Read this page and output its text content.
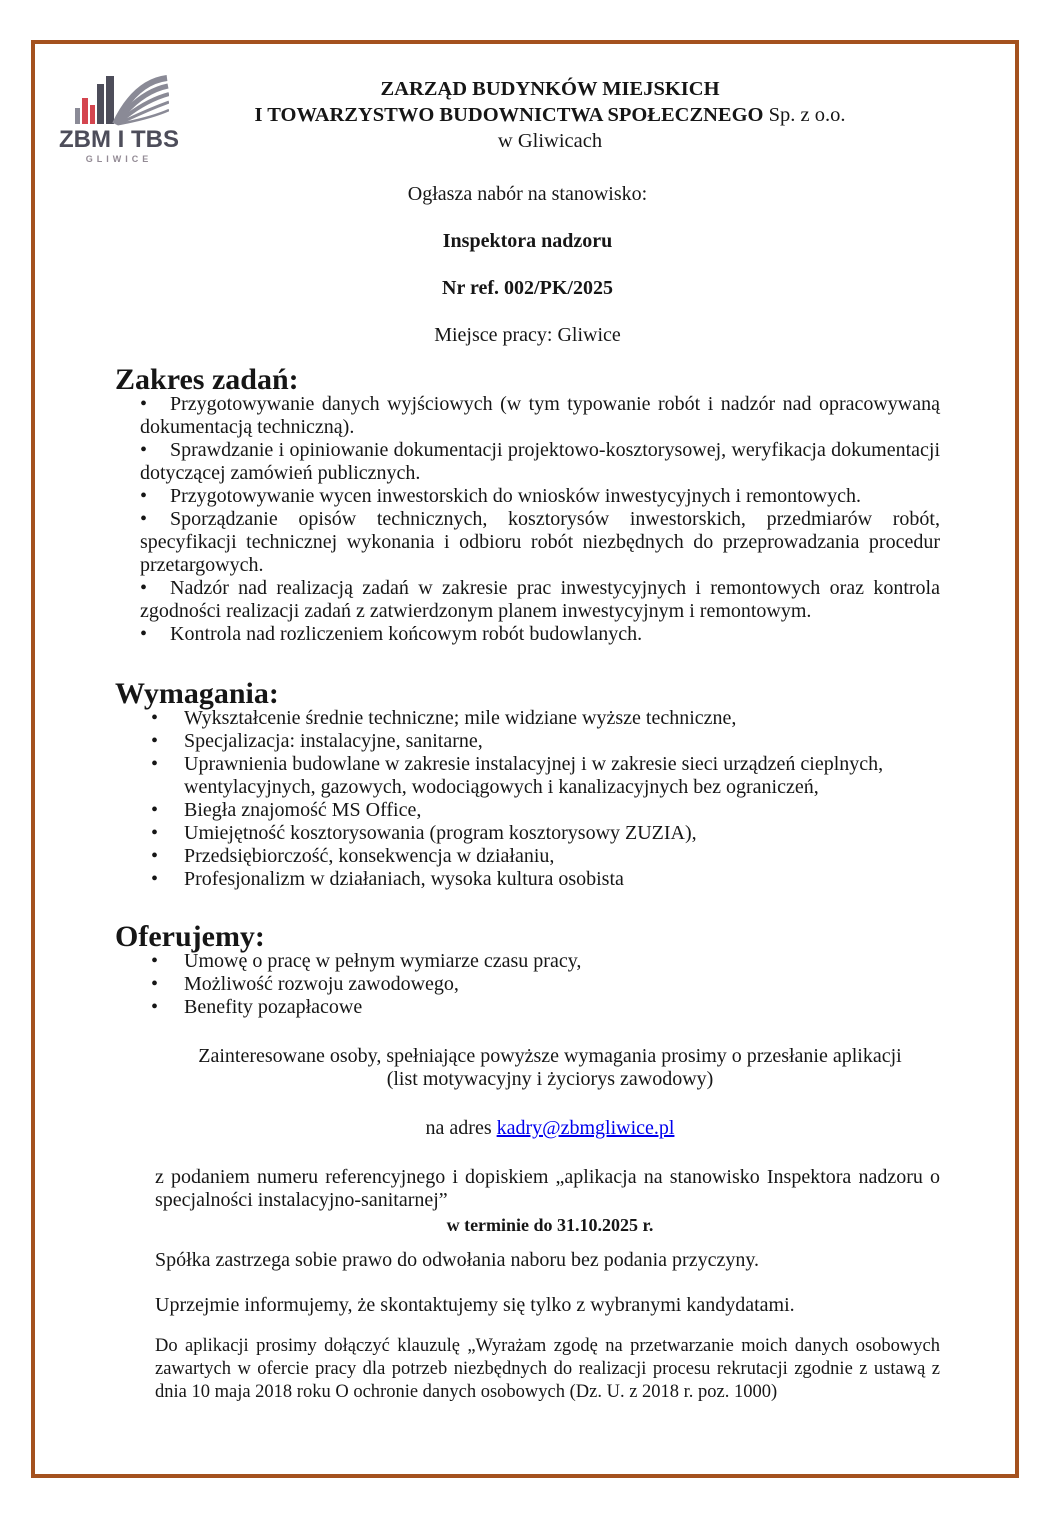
ZBM I TBS
GLIWICE
ZARZĄD BUDYNKÓW MIEJSKICH
I TOWARZYSTWO BUDOWNICTWA SPOŁECZNEGO Sp. z o.o.
w Gliwicach

Ogłasza nabór na stanowisko:

Inspektora nadzoru

Nr ref. 002/PK/2025

Miejsce pracy: Gliwice

Zakres zadań:
• Przygotowywanie danych wyjściowych (w tym typowanie robót i nadzór nad opracowywaną dokumentacją techniczną).
• Sprawdzanie i opiniowanie dokumentacji projektowo-kosztorysowej, weryfikacja dokumentacji dotyczącej zamówień publicznych.
• Przygotowywanie wycen inwestorskich do wniosków inwestycyjnych i remontowych.
• Sporządzanie opisów technicznych, kosztorysów inwestorskich, przedmiarów robót, specyfikacji technicznej wykonania i odbioru robót niezbędnych do przeprowadzania procedur przetargowych.
• Nadzór nad realizacją zadań w zakresie prac inwestycyjnych i remontowych oraz kontrola zgodności realizacji zadań z zatwierdzonym planem inwestycyjnym i remontowym.
• Kontrola nad rozliczeniem końcowym robót budowlanych.
Wymagania:
• Wykształcenie średnie techniczne; mile widziane wyższe techniczne,
• Specjalizacja: instalacyjne, sanitarne,
• Uprawnienia budowlane w zakresie instalacyjnej i w zakresie sieci urządzeń cieplnych, wentylacyjnych, gazowych, wodociągowych i kanalizacyjnych bez ograniczeń,
• Biegła znajomość MS Office,
• Umiejętność kosztorysowania (program kosztorysowy ZUZIA),
• Przedsiębiorczość, konsekwencja w działaniu,
• Profesjonalizm w działaniach, wysoka kultura osobista
Oferujemy:
• Umowę o pracę w pełnym wymiarze czasu pracy,
• Możliwość rozwoju zawodowego,
• Benefity pozapłacowe
Zainteresowane osoby, spełniające powyższe wymagania prosimy o przesłanie aplikacji
(list motywacyjny i życiorys zawodowy)
na adres kadry@zbmgliwice.pl

z podaniem numeru referencyjnego i dopiskiem „aplikacja na stanowisko Inspektora nadzoru o specjalności instalacyjno-sanitarnej”

w terminie do 31.10.2025 r.

Spółka zastrzega sobie prawo do odwołania naboru bez podania przyczyny.

Uprzejmie informujemy, że skontaktujemy się tylko z wybranymi kandydatami.

Do aplikacji prosimy dołączyć klauzulę „Wyrażam zgodę na przetwarzanie moich danych osobowych zawartych w ofercie pracy dla potrzeb niezbędnych do realizacji procesu rekrutacji zgodnie z ustawą z dnia 10 maja 2018 roku O ochronie danych osobowych (Dz. U. z 2018 r. poz. 1000)
